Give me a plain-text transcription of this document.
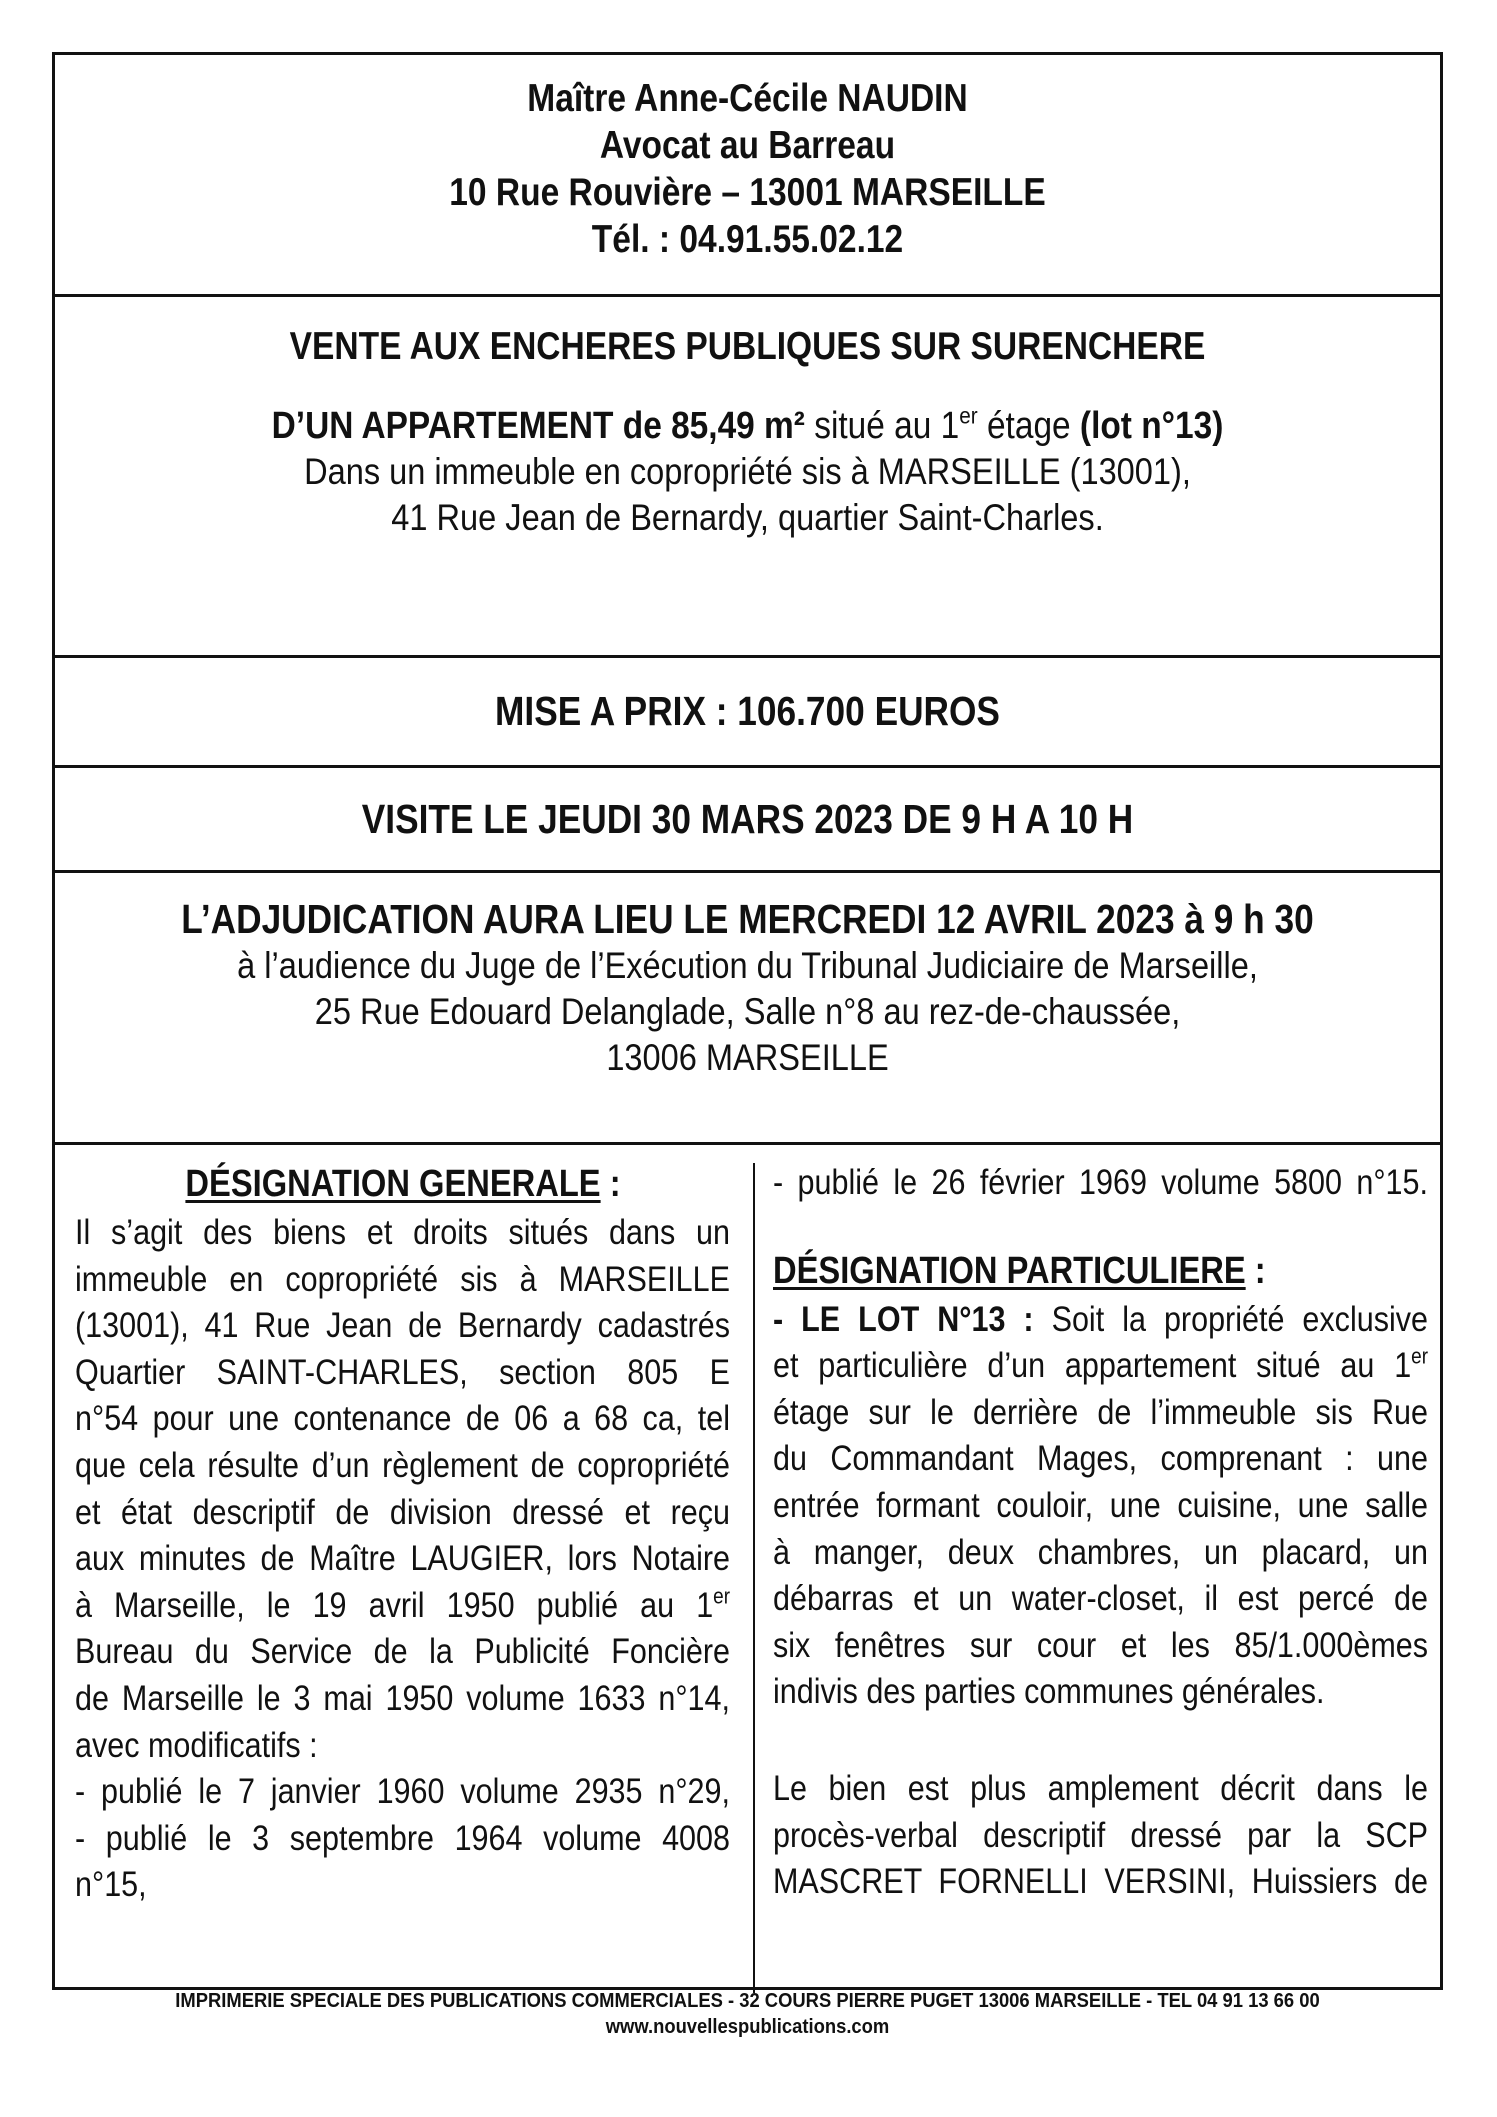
Maître Anne-Cécile NAUDIN
Avocat au Barreau
10 Rue Rouvière – 13001 MARSEILLE
Tél. : 04.91.55.02.12
VENTE AUX ENCHERES PUBLIQUES SUR SURENCHERE
D’UN APPARTEMENT de 85,49 m² situé au 1er étage (lot n°13)
Dans un immeuble en copropriété sis à MARSEILLE (13001),
41 Rue Jean de Bernardy, quartier Saint-Charles.
MISE A PRIX : 106.700 EUROS
VISITE LE JEUDI 30 MARS 2023 DE 9 H A 10 H
L’ADJUDICATION AURA LIEU LE MERCREDI 12 AVRIL 2023 à 9 h 30
à l’audience du Juge de l’Exécution du Tribunal Judiciaire de Marseille,
25 Rue Edouard Delanglade, Salle n°8 au rez-de-chaussée,
13006 MARSEILLE
DÉSIGNATION GENERALE :
Il s’agit des biens et droits situés dans un
immeuble en copropriété sis à MARSEILLE
(13001), 41 Rue Jean de Bernardy cadastrés
Quartier SAINT-CHARLES, section 805 E
n°54 pour une contenance de 06 a 68 ca, tel
que cela résulte d’un règlement de copropriété
et état descriptif de division dressé et reçu
aux minutes de Maître LAUGIER, lors Notaire
à Marseille, le 19 avril 1950 publié au 1er
Bureau du Service de la Publicité Foncière
de Marseille le 3 mai 1950 volume 1633 n°14,
avec modificatifs :
- publié le 7 janvier 1960 volume 2935 n°29,
- publié le 3 septembre 1964 volume 4008
n°15,
- publié le 26 février 1969 volume 5800 n°15.
DÉSIGNATION PARTICULIERE :
- LE LOT N°13 : Soit la propriété exclusive
et particulière d’un appartement situé au 1er
étage sur le derrière de l’immeuble sis Rue
du Commandant Mages, comprenant : une
entrée formant couloir, une cuisine, une salle
à manger, deux chambres, un placard, un
débarras et un water-closet, il est percé de
six fenêtres sur cour et les 85/1.000èmes
indivis des parties communes générales.
Le bien est plus amplement décrit dans le
procès-verbal descriptif dressé par la SCP
MASCRET FORNELLI VERSINI, Huissiers de
IMPRIMERIE SPECIALE DES PUBLICATIONS COMMERCIALES - 32 COURS PIERRE PUGET 13006 MARSEILLE - TEL 04 91 13 66 00
www.nouvellespublications.com
